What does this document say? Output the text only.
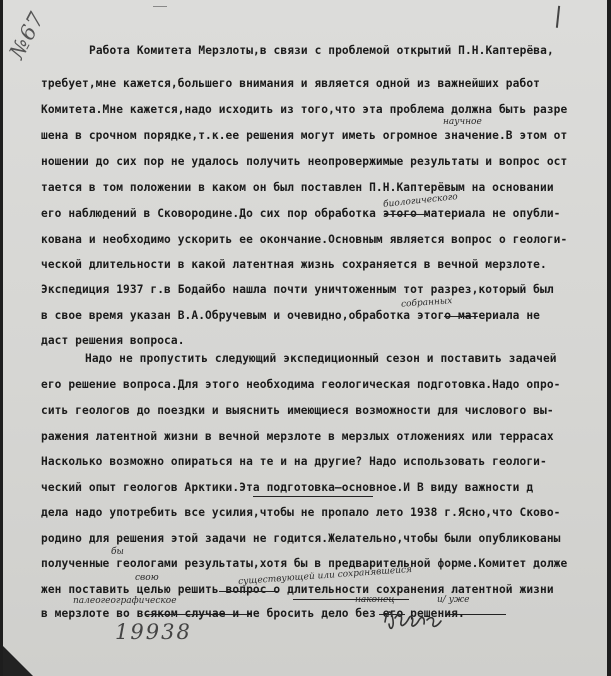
№67	Работа Комитета Мерзлоты,в связи с проблемой открытий П.Н.Каптерёва,
требует,мне кажется,большего внимания и является одной из важнейших работ
Комитета.Мне кажется,надо исходить из того,что эта проблема должна быть разре
шена в срочном порядке,т.к.ее решения могут иметь огромное значение.В этом от
ношении до сих пор не удалось получить неопровержимые результаты и вопрос ост
тается в том положении в каком он был поставлен П.Н.Каптерёвым на основании
его наблюдений в Сковородине.До сих пор обработка этого материала не опубли-
кована и необходимо ускорить ее окончание.Основным является вопрос о геологи-
ческой длительности в какой латентная жизнь сохраняется в вечной мерзлоте.
Экспедиция 1937 г.в Бодайбо нашла почти уничтоженным тот разрез,который был
в свое время указан В.А.Обручевым и очевидно,обработка этого материала не
даст решения вопроса.
Надо не пропустить следующий экспедиционный сезон и поставить задачей
его решение вопроса.Для этого необходима геологическая подготовка.Надо опро-
сить геологов до поездки и выяснить имеющиеся возможности для числового вы-
ражения латентной жизни в вечной мерзлоте в мерзлых отложениях или террасах
Насколько возможно опираться на те и на другие? Надо использовать геологи-
ческий опыт геологов Арктики.Эта подготовка—основное.И В виду важности д
дела надо употребить все усилия,чтобы не пропало лето 1938 г.Ясно,что Сково-
родино для решения этой задачи не годится.Желательно,чтобы были опубликованы
полученные геологами результаты,хотя бы в предварительной форме.Комитет долже
жен поставить целью решить вопрос о длительности сохранения латентной жизни
в мерзлоте во всяком случае и не бросить дело без его решения.
научное
биологического
собранных
бы
свою	существующей или сохранявшейся
наконец	и/ уже
палеогеографическое
19938
